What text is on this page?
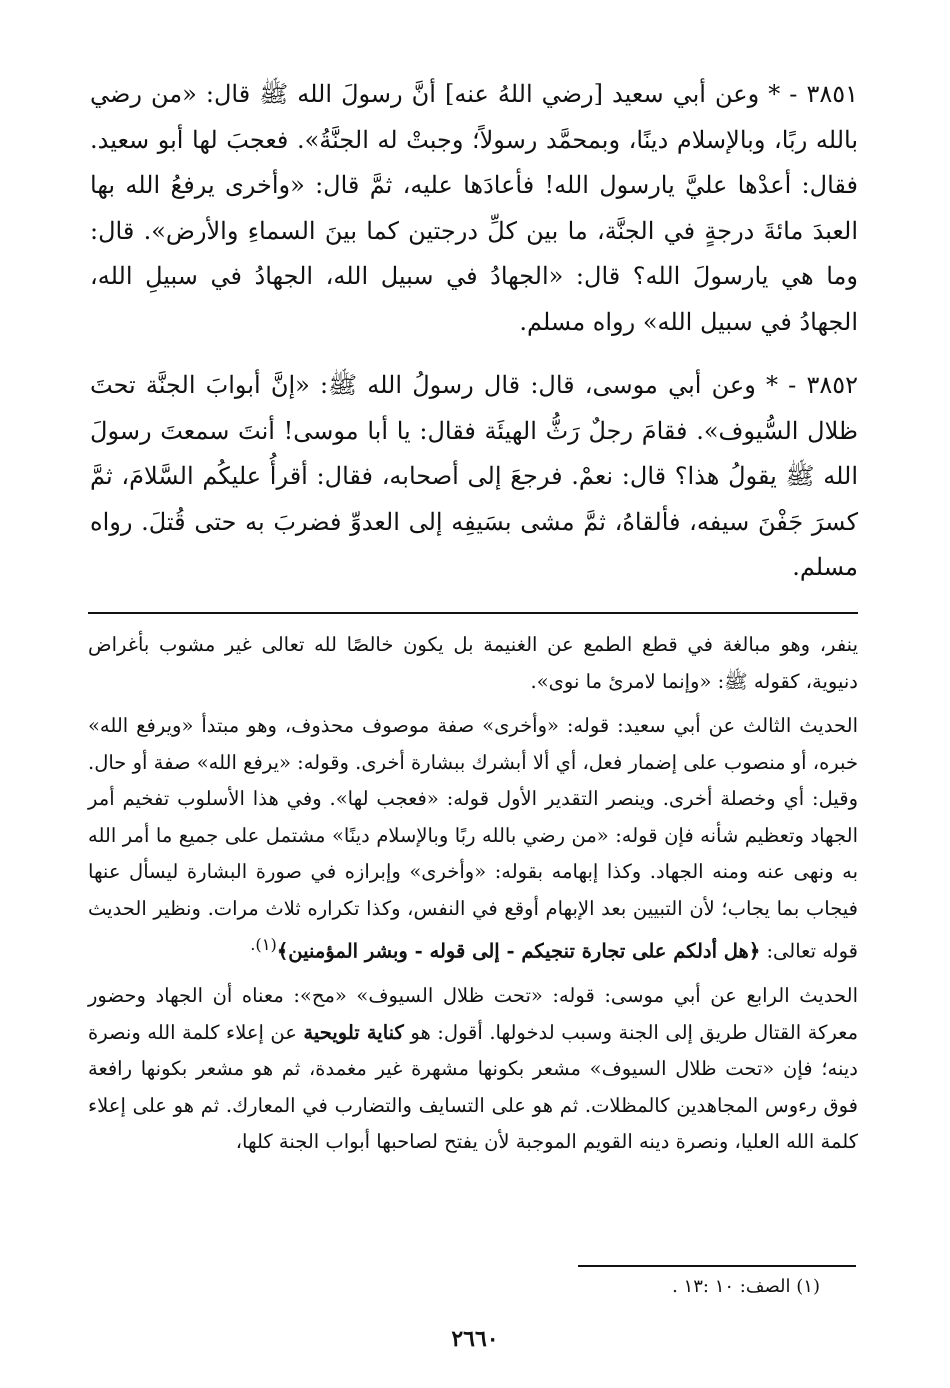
٣٨٥١ - * وعن أبي سعيد [رضي اللهُ عنه] أنَّ رسولَ الله ﷺ قال: «من رضي بالله ربًا، وبالإسلام دينًا، وبمحمَّد رسولاً؛ وجبتْ له الجنَّةُ». فعجبَ لها أبو سعيد. فقال: أعدْها عليَّ يارسول الله! فأعادَها عليه، ثمَّ قال: «وأخرى يرفعُ الله بها العبدَ مائةَ درجةٍ في الجنَّة، ما بين كلِّ درجتين كما بينَ السماءِ والأرض». قال: وما هي يارسولَ الله؟ قال: «الجهادُ في سبيل الله، الجهادُ في سبيلِ الله، الجهادُ في سبيل الله» رواه مسلم.

٣٨٥٢ - * وعن أبي موسى، قال: قال رسولُ الله ﷺ: «إنَّ أبوابَ الجنَّة تحتَ ظلال السُّيوف». فقامَ رجلٌ رَثُّ الهيئَة فقال: يا أبا موسى! أنتَ سمعتَ رسولَ الله ﷺ يقولُ هذا؟ قال: نعمْ. فرجعَ إلى أصحابه، فقال: أقرأُ عليكُم السَّلامَ، ثمَّ كسرَ جَفْنَ سيفه، فألقاهُ، ثمَّ مشى بسَيفِه إلى العدوِّ فضربَ به حتى قُتلَ. رواه مسلم.

ينفر، وهو مبالغة في قطع الطمع عن الغنيمة بل يكون خالصًا لله تعالى غير مشوب بأغراض دنيوية، كقوله ﷺ: «وإنما لامرئ ما نوى».

الحديث الثالث عن أبي سعيد: قوله: «وأخرى» صفة موصوف محذوف، وهو مبتدأ «ويرفع الله» خبره، أو منصوب على إضمار فعل، أي ألا أبشرك ببشارة أخرى. وقوله: «يرفع الله» صفة أو حال. وقيل: أي وخصلة أخرى. وينصر التقدير الأول قوله: «فعجب لها». وفي هذا الأسلوب تفخيم أمر الجهاد وتعظيم شأنه فإن قوله: «من رضي بالله ربًا وبالإسلام دينًا» مشتمل على جميع ما أمر الله به ونهى عنه ومنه الجهاد. وكذا إبهامه بقوله: «وأخرى» وإبرازه في صورة البشارة ليسأل عنها فيجاب بما يجاب؛ لأن التبيين بعد الإبهام أوقع في النفس، وكذا تكراره ثلاث مرات. ونظير الحديث قوله تعالى: ﴿هل أدلكم على تجارة تنجيكم - إلى قوله - وبشر المؤمنين﴾$^{(١).}$

الحديث الرابع عن أبي موسى: قوله: «تحت ظلال السيوف» «مح»: معناه أن الجهاد وحضور معركة القتال طريق إلى الجنة وسبب لدخولها. أقول: هو كناية تلويحية عن إعلاء كلمة الله ونصرة دينه؛ فإن «تحت ظلال السيوف» مشعر بكونها مشهرة غير مغمدة، ثم هو مشعر بكونها رافعة فوق رءوس المجاهدين كالمظلات. ثم هو على التسايف والتضارب في المعارك. ثم هو على إعلاء كلمة الله العليا، ونصرة دينه القويم الموجبة لأن يفتح لصاحبها أبواب الجنة كلها،

(١) الصف: ١٠ :١٣ .
٢٦٦٠
